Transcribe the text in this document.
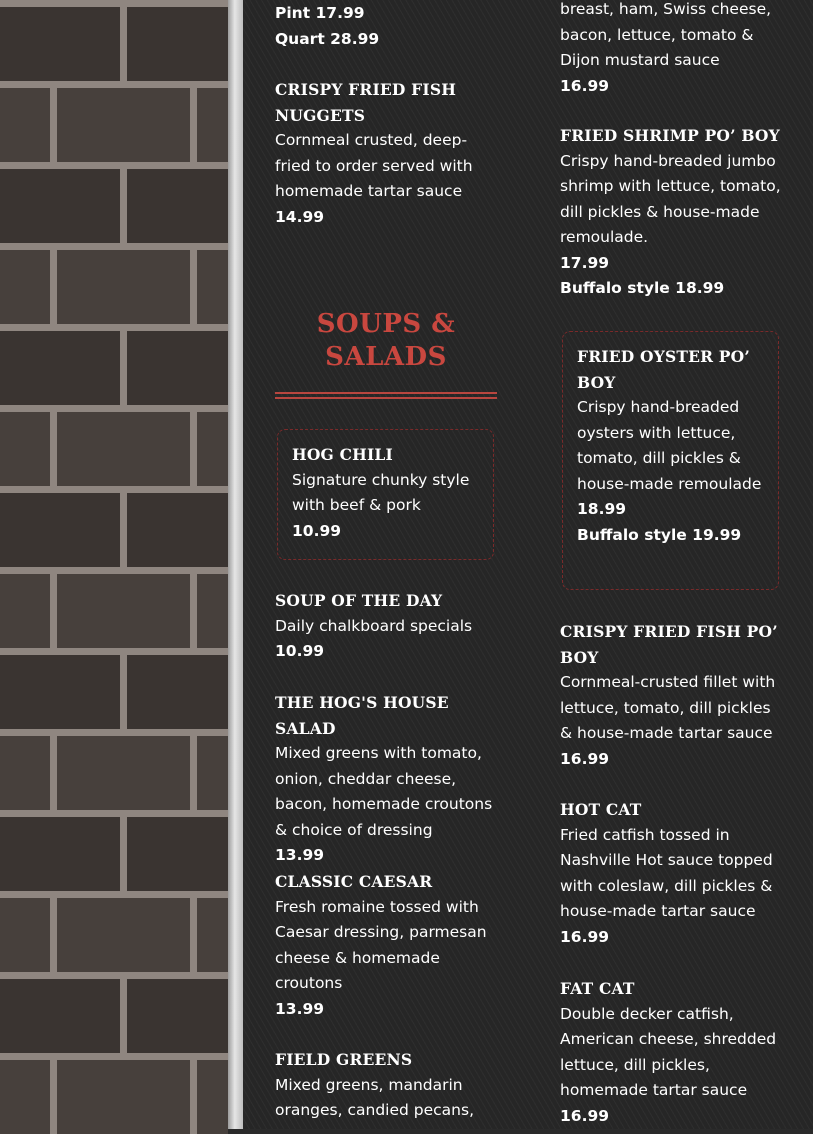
Pint 17.99
Quart 28.99
CRISPY FRIED FISH NUGGETS
Cornmeal crusted, deep-fried to order served with homemade tartar sauce
14.99
SOUPS & SALADS
HOG CHILI
Signature chunky style with beef & pork
10.99
SOUP OF THE DAY
Daily chalkboard specials
10.99
THE HOG'S HOUSE SALAD
Mixed greens with tomato, onion, cheddar cheese, bacon, homemade croutons & choice of dressing
13.99
CLASSIC CAESAR
Fresh romaine tossed with Caesar dressing, parmesan cheese & homemade croutons
13.99
FIELD GREENS
Mixed greens, mandarin oranges, candied pecans,
breast, ham, Swiss cheese, bacon, lettuce, tomato & Dijon mustard sauce
16.99
FRIED SHRIMP PO’ BOY
Crispy hand-breaded jumbo shrimp with lettuce, tomato, dill pickles & house-made remoulade.
17.99
Buffalo style 18.99
FRIED OYSTER PO’ BOY
Crispy hand-breaded oysters with lettuce, tomato, dill pickles & house-made remoulade
18.99
Buffalo style 19.99
CRISPY FRIED FISH PO’ BOY
Cornmeal-crusted fillet with lettuce, tomato, dill pickles & house-made tartar sauce
16.99
HOT CAT
Fried catfish tossed in Nashville Hot sauce topped with coleslaw, dill pickles & house-made tartar sauce
16.99
FAT CAT
Double decker catfish, American cheese, shredded lettuce, dill pickles, homemade tartar sauce
16.99
